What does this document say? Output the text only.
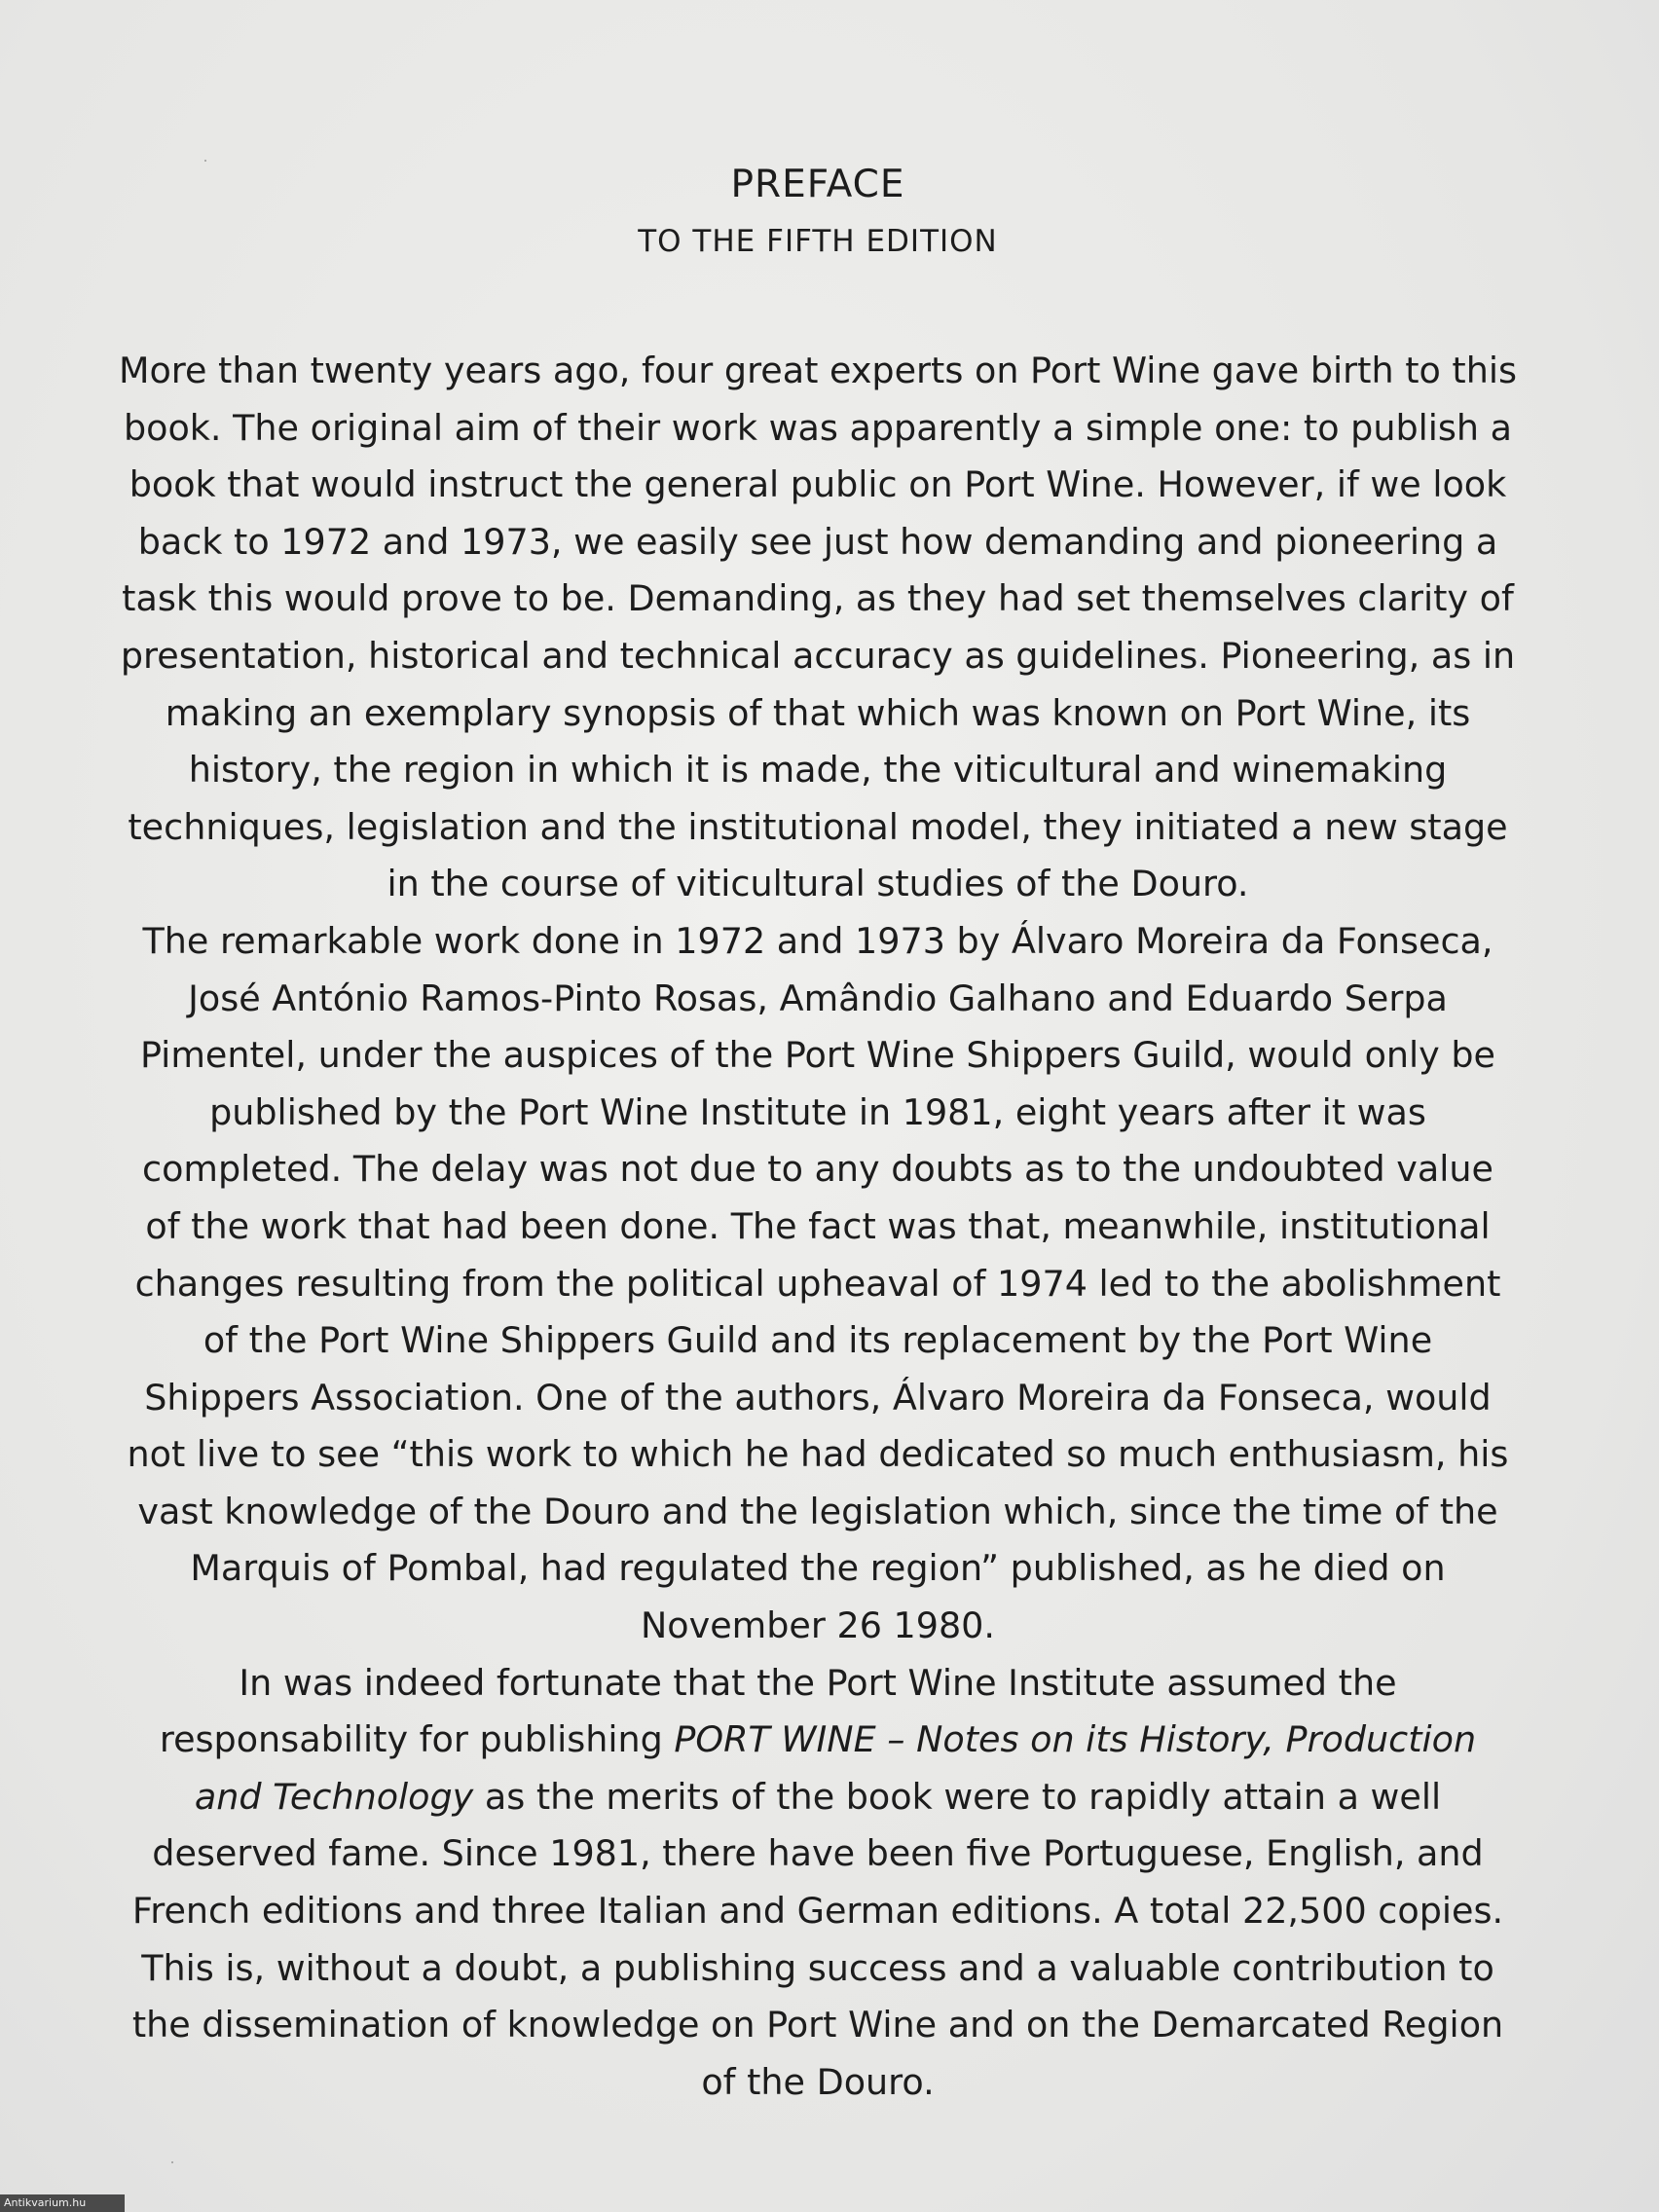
PREFACE
TO THE FIFTH EDITION
More than twenty years ago, four great experts on Port Wine gave birth to this
book. The original aim of their work was apparently a simple one: to publish a
book that would instruct the general public on Port Wine. However, if we look
back to 1972 and 1973, we easily see just how demanding and pioneering a
task this would prove to be. Demanding, as they had set themselves clarity of
presentation, historical and technical accuracy as guidelines. Pioneering, as in
making an exemplary synopsis of that which was known on Port Wine, its
history, the region in which it is made, the viticultural and winemaking
techniques, legislation and the institutional model, they initiated a new stage
in the course of viticultural studies of the Douro.
The remarkable work done in 1972 and 1973 by Álvaro Moreira da Fonseca,
José António Ramos-Pinto Rosas, Amândio Galhano and Eduardo Serpa
Pimentel, under the auspices of the Port Wine Shippers Guild, would only be
published by the Port Wine Institute in 1981, eight years after it was
completed. The delay was not due to any doubts as to the undoubted value
of the work that had been done. The fact was that, meanwhile, institutional
changes resulting from the political upheaval of 1974 led to the abolishment
of the Port Wine Shippers Guild and its replacement by the Port Wine
Shippers Association. One of the authors, Álvaro Moreira da Fonseca, would
not live to see “this work to which he had dedicated so much enthusiasm, his
vast knowledge of the Douro and the legislation which, since the time of the
Marquis of Pombal, had regulated the region” published, as he died on
November 26 1980.
In was indeed fortunate that the Port Wine Institute assumed the
responsability for publishing PORT WINE – Notes on its History, Production
and Technology as the merits of the book were to rapidly attain a well
deserved fame. Since 1981, there have been five Portuguese, English, and
French editions and three Italian and German editions. A total 22,500 copies.
This is, without a doubt, a publishing success and a valuable contribution to
the dissemination of knowledge on Port Wine and on the Demarcated Region
of the Douro.
Antikvarium.hu
